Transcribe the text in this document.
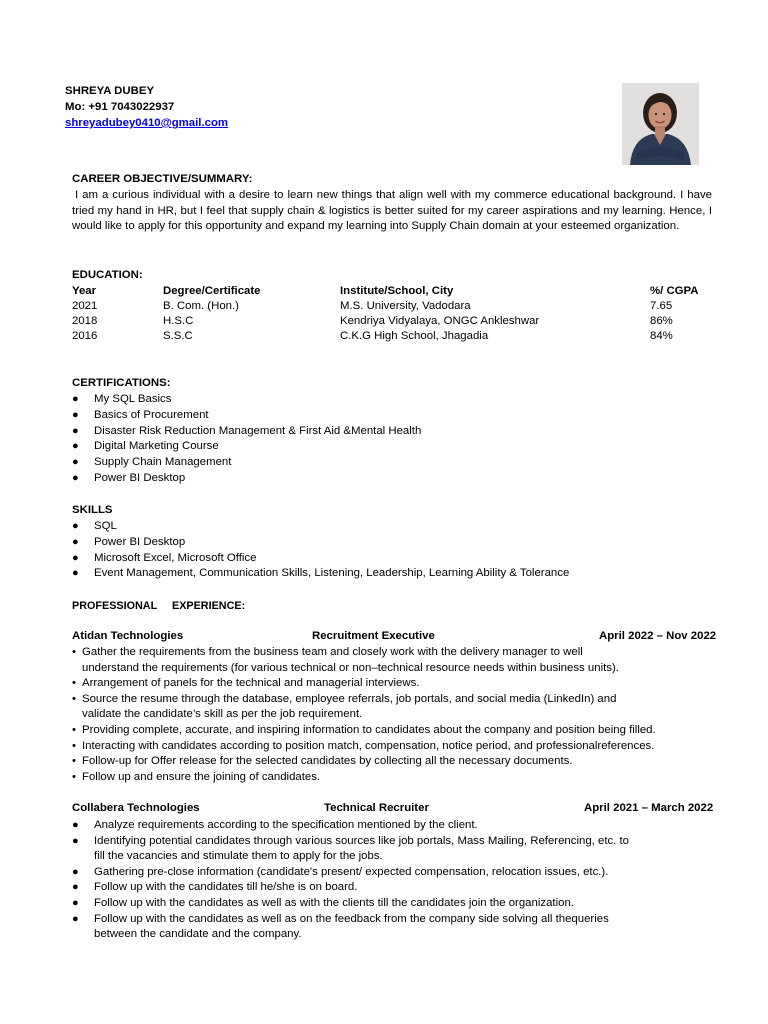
SHREYA DUBEY
Mo: +91 7043022937
shreyadubey0410@gmail.com
CAREER OBJECTIVE/SUMMARY:

I am a curious individual with a desire to learn new things that align well with my commerce educational background. I have tried my hand in HR, but I feel that supply chain & logistics is better suited for my career aspirations and my learning. Hence, I would like to apply for this opportunity and expand my learning into Supply Chain domain at your esteemed organization.

EDUCATION:
Year	Degree/Certificate	Institute/School, City	%/ CGPA
2021	B. Com. (Hon.)	M.S. University, Vadodara	7.65
2018	H.S.C	Kendriya Vidyalaya, ONGC Ankleshwar	86%
2016	S.S.C	C.K.G High School, Jhagadia	84%
CERTIFICATIONS:
● My SQL Basics
● Basics of Procurement
● Disaster Risk Reduction Management & First Aid &Mental Health
● Digital Marketing Course
● Supply Chain Management
● Power BI Desktop
SKILLS
● SQL
● Power BI Desktop
● Microsoft Excel, Microsoft Office
● Event Management, Communication Skills, Listening, Leadership, Learning Ability & Tolerance
PROFESSIONAL     EXPERIENCE:
Atidan Technologies	Recruitment Executive	April 2022 – Nov 2022
• Gather the requirements from the business team and closely work with the delivery manager to well
understand the requirements (for various technical or non–technical resource needs within business units).
• Arrangement of panels for the technical and managerial interviews.
• Source the resume through the database, employee referrals, job portals, and social media (LinkedIn) and
validate the candidate’s skill as per the job requirement.
• Providing complete, accurate, and inspiring information to candidates about the company and position being filled.
• Interacting with candidates according to position match, compensation, notice period, and professionalreferences.
• Follow-up for Offer release for the selected candidates by collecting all the necessary documents.
• Follow up and ensure the joining of candidates.
Collabera Technologies	Technical Recruiter	April 2021 – March 2022
● Analyze requirements according to the specification mentioned by the client.
● Identifying potential candidates through various sources like job portals, Mass Mailing, Referencing, etc. to
fill the vacancies and stimulate them to apply for the jobs.
● Gathering pre-close information (candidate's present/ expected compensation, relocation issues, etc.).
● Follow up with the candidates till he/she is on board.
● Follow up with the candidates as well as with the clients till the candidates join the organization.
● Follow up with the candidates as well as on the feedback from the company side solving all thequeries
between the candidate and the company.
